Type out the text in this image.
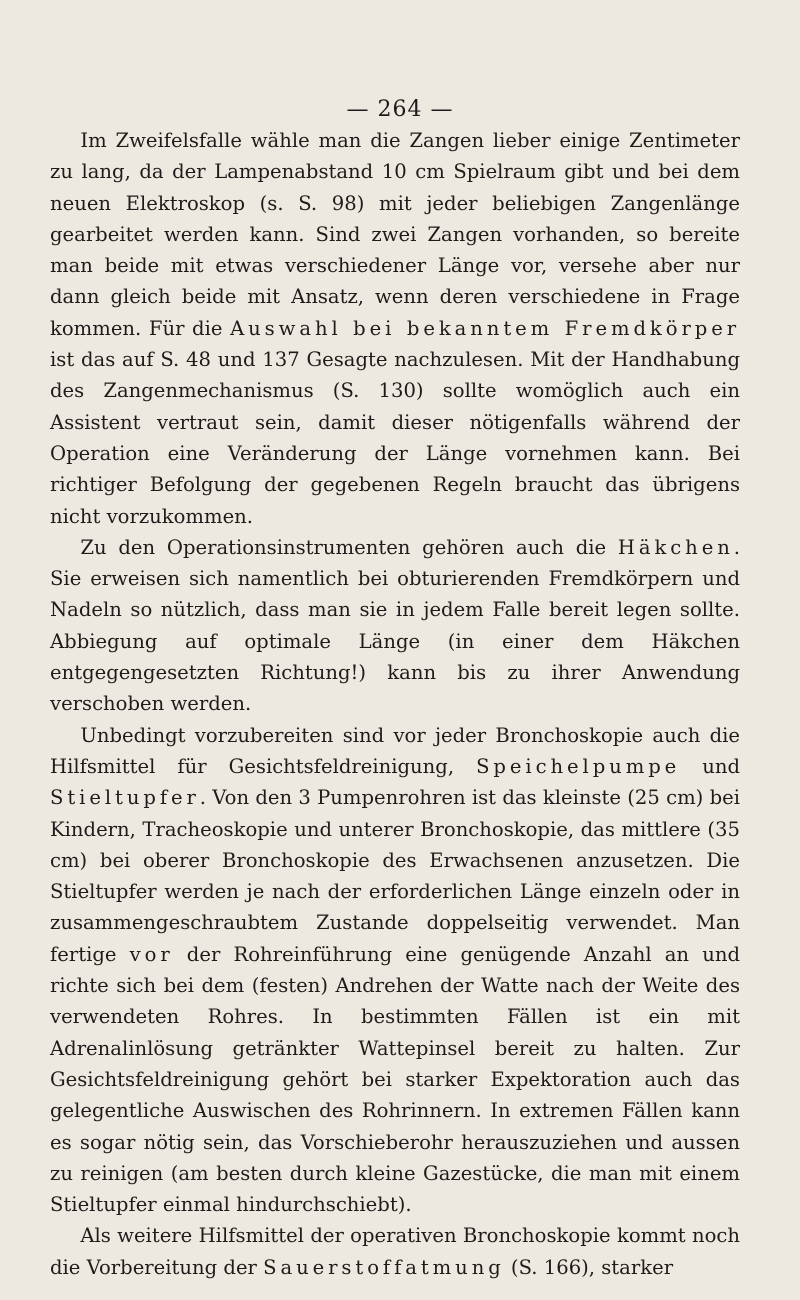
— 264 —

Im Zweifelsfalle wähle man die Zangen lieber einige Zentimeter zu lang, da der Lampenabstand 10 cm Spielraum gibt und bei dem neuen Elektroskop (s. S. 98) mit jeder beliebigen Zangenlänge gearbeitet werden kann. Sind zwei Zangen vorhanden, so bereite man beide mit etwas verschiedener Länge vor, versehe aber nur dann gleich beide mit Ansatz, wenn deren verschiedene in Frage kommen. Für die Auswahl bei bekanntem Fremdkörper ist das auf S. 48 und 137 Gesagte nachzulesen. Mit der Handhabung des Zangenmechanismus (S. 130) sollte womöglich auch ein Assistent vertraut sein, damit dieser nötigenfalls während der Operation eine Veränderung der Länge vornehmen kann. Bei richtiger Befolgung der gegebenen Regeln braucht das übrigens nicht vorzukommen.

Zu den Operationsinstrumenten gehören auch die Häkchen. Sie erweisen sich namentlich bei obturierenden Fremdkörpern und Nadeln so nützlich, dass man sie in jedem Falle bereit legen sollte. Abbiegung auf optimale Länge (in einer dem Häkchen entgegengesetzten Richtung!) kann bis zu ihrer Anwendung verschoben werden.

Unbedingt vorzubereiten sind vor jeder Bronchoskopie auch die Hilfsmittel für Gesichtsfeldreinigung, Speichelpumpe und Stieltupfer. Von den 3 Pumpenrohren ist das kleinste (25 cm) bei Kindern, Tracheoskopie und unterer Bronchoskopie, das mittlere (35 cm) bei oberer Bronchoskopie des Erwachsenen anzusetzen. Die Stieltupfer werden je nach der erforderlichen Länge einzeln oder in zusammengeschraubtem Zustande doppelseitig verwendet. Man fertige vor der Rohreinführung eine genügende Anzahl an und richte sich bei dem (festen) Andrehen der Watte nach der Weite des verwendeten Rohres. In bestimmten Fällen ist ein mit Adrenalinlösung getränkter Wattepinsel bereit zu halten. Zur Gesichtsfeldreinigung gehört bei starker Expektoration auch das gelegentliche Auswischen des Rohrinnern. In extremen Fällen kann es sogar nötig sein, das Vorschieberohr herauszuziehen und aussen zu reinigen (am besten durch kleine Gazestücke, die man mit einem Stieltupfer einmal hindurchschiebt).

Als weitere Hilfsmittel der operativen Bronchoskopie kommt noch die Vorbereitung der Sauerstoffatmung (S. 166), starker
